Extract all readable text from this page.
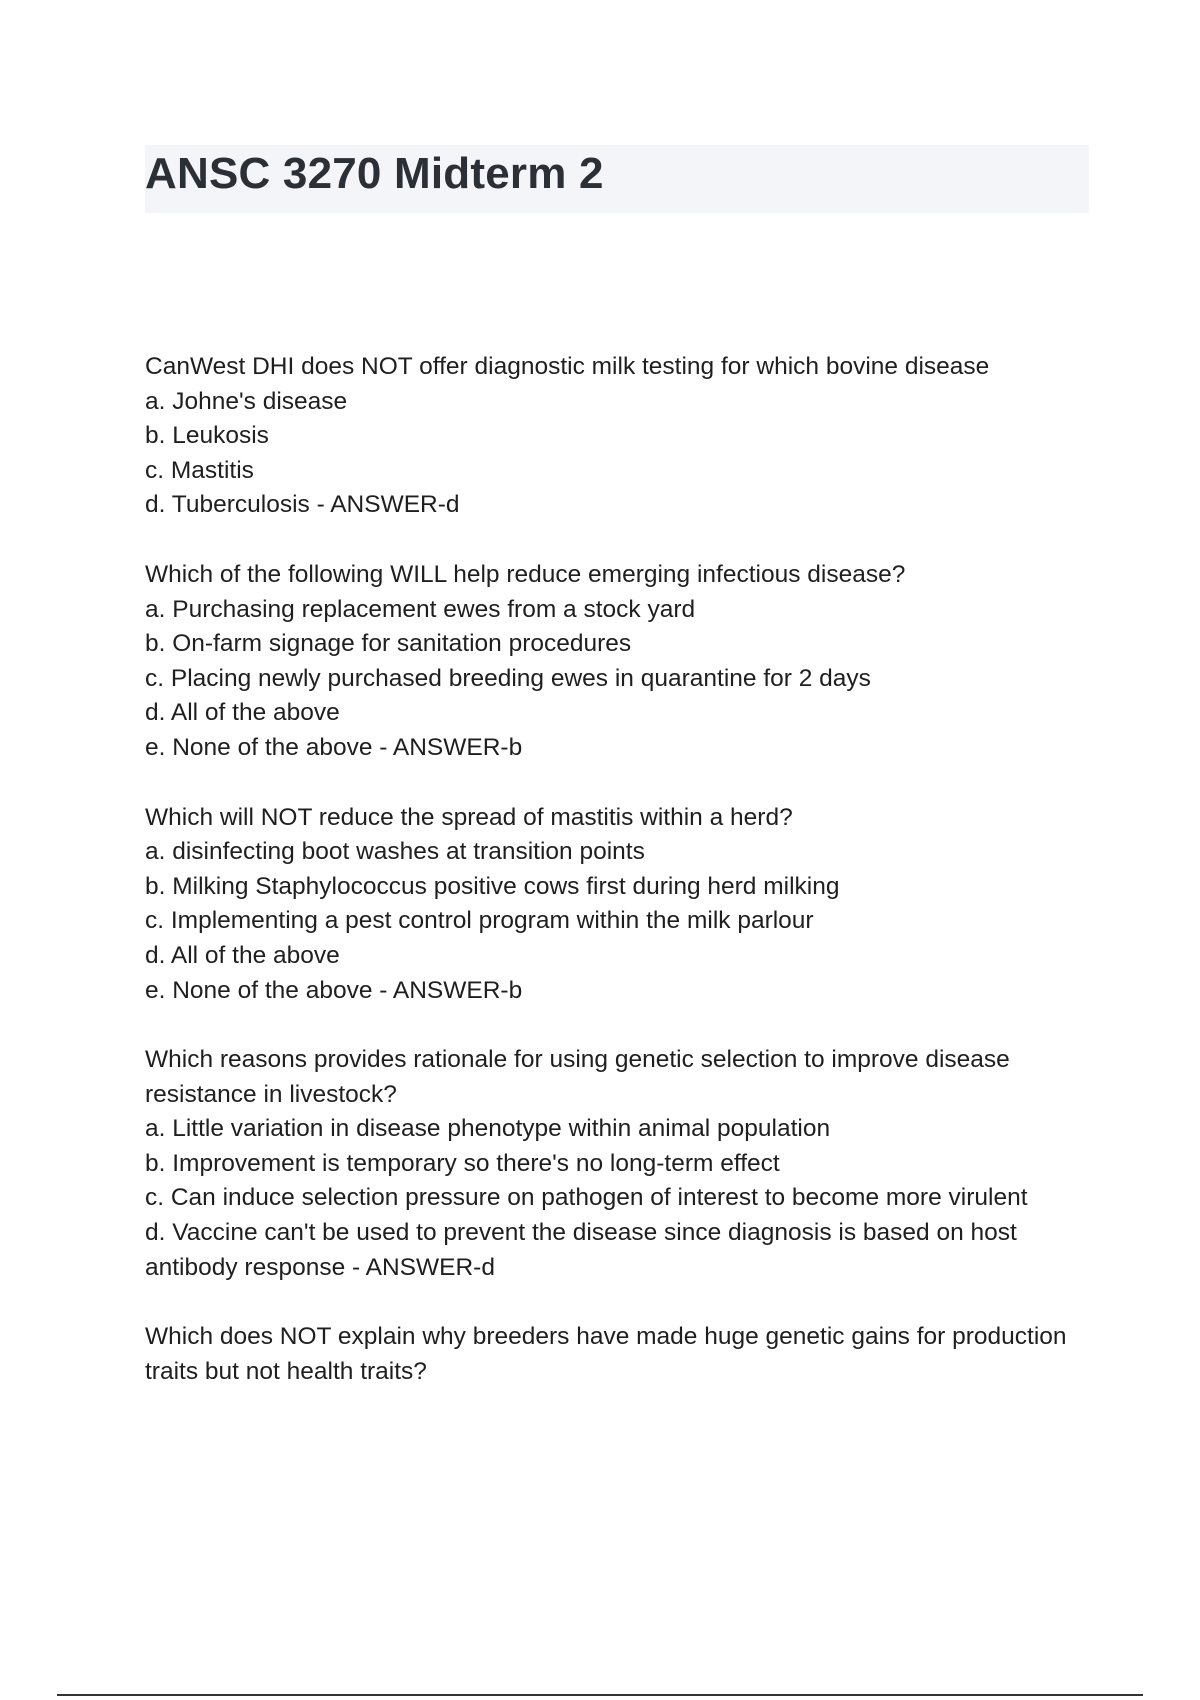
ANSC 3270 Midterm 2
CanWest DHI does NOT offer diagnostic milk testing for which bovine disease
a. Johne's disease
b. Leukosis
c. Mastitis
d. Tuberculosis - ANSWER-d
Which of the following WILL help reduce emerging infectious disease?
a. Purchasing replacement ewes from a stock yard
b. On-farm signage for sanitation procedures
c. Placing newly purchased breeding ewes in quarantine for 2 days
d. All of the above
e. None of the above - ANSWER-b
Which will NOT reduce the spread of mastitis within a herd?
a. disinfecting boot washes at transition points
b. Milking Staphylococcus positive cows first during herd milking
c. Implementing a pest control program within the milk parlour
d. All of the above
e. None of the above - ANSWER-b
Which reasons provides rationale for using genetic selection to improve disease resistance in livestock?
a. Little variation in disease phenotype within animal population
b. Improvement is temporary so there's no long-term effect
c. Can induce selection pressure on pathogen of interest to become more virulent
d. Vaccine can't be used to prevent the disease since diagnosis is based on host antibody response - ANSWER-d
Which does NOT explain why breeders have made huge genetic gains for production traits but not health traits?
